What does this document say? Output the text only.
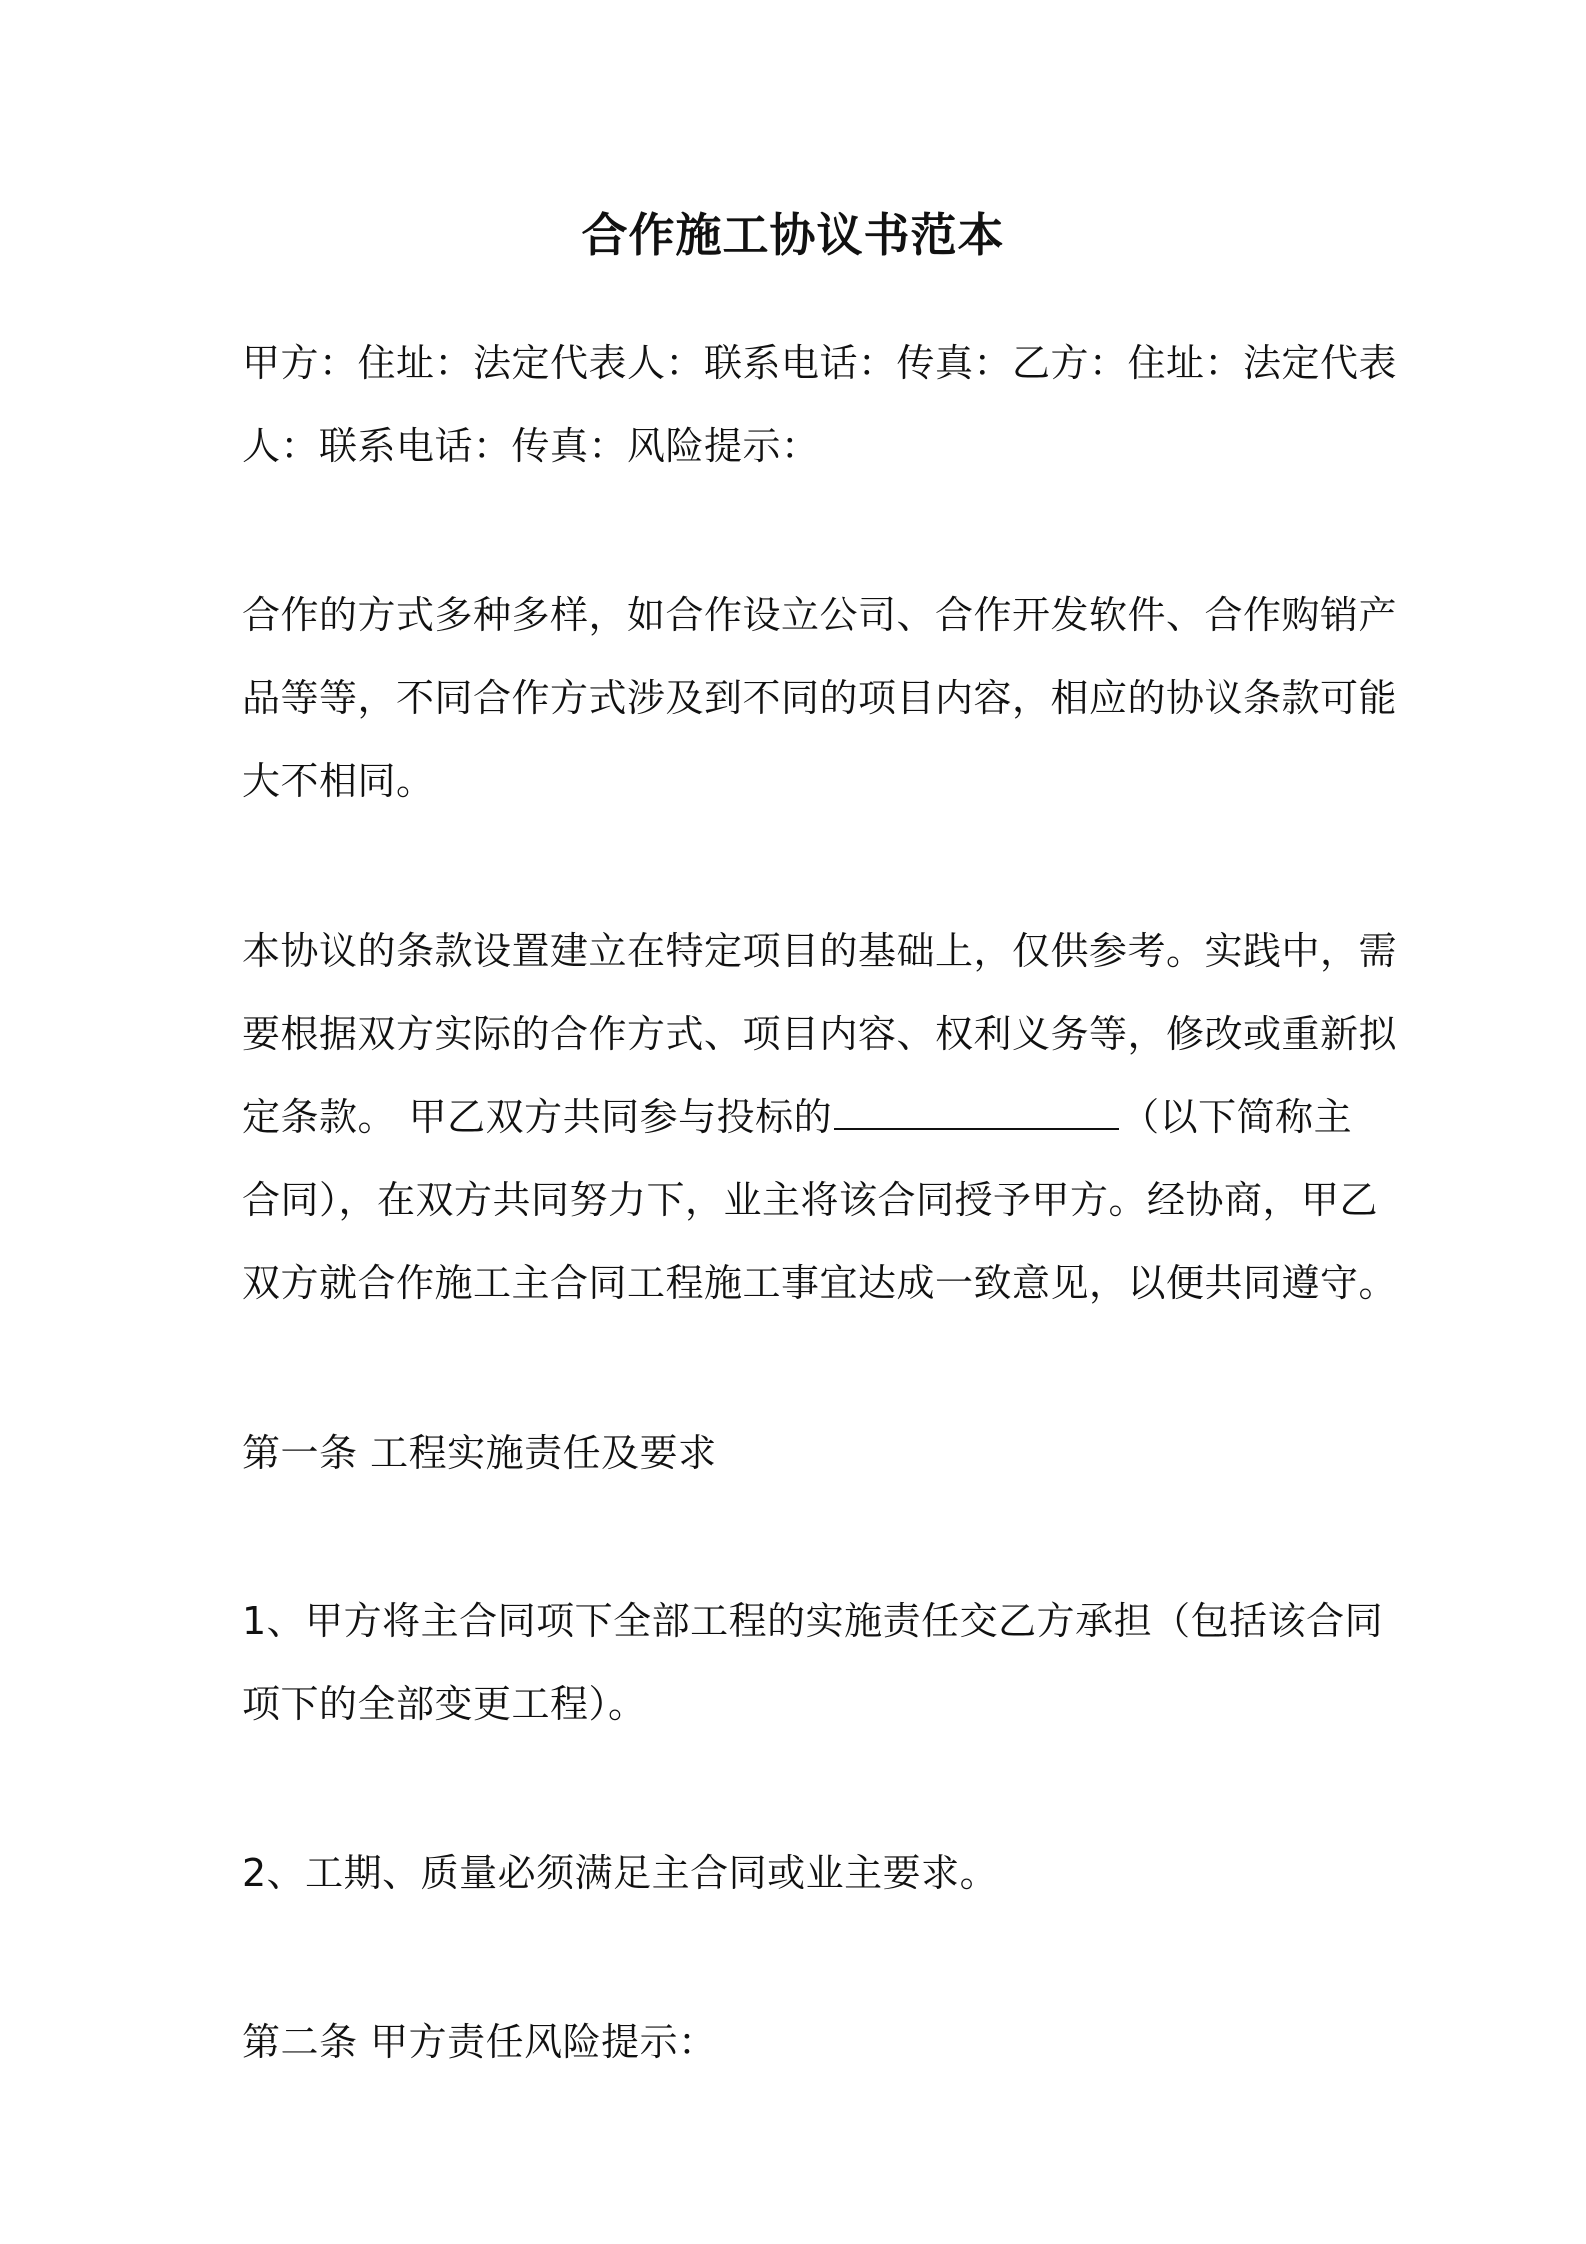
合作施工协议书范本
甲方：住址：法定代表人：联系电话：传真：乙方：住址：法定代表
人：联系电话：传真：风险提示：
合作的方式多种多样，如合作设立公司、合作开发软件、合作购销产
品等等，不同合作方式涉及到不同的项目内容，相应的协议条款可能
大不相同。
本协议的条款设置建立在特定项目的基础上，仅供参考。实践中，需
要根据双方实际的合作方式、项目内容、权利义务等，修改或重新拟
定条款。 甲乙双方共同参与投标的	（以下简称主
合同），在双方共同努力下，业主将该合同授予甲方。经协商，甲乙
双方就合作施工主合同工程施工事宜达成一致意见，以便共同遵守。
第一条 工程实施责任及要求
1、甲方将主合同项下全部工程的实施责任交乙方承担（包括该合同
项下的全部变更工程）。
2、工期、质量必须满足主合同或业主要求。
第二条 甲方责任风险提示：
